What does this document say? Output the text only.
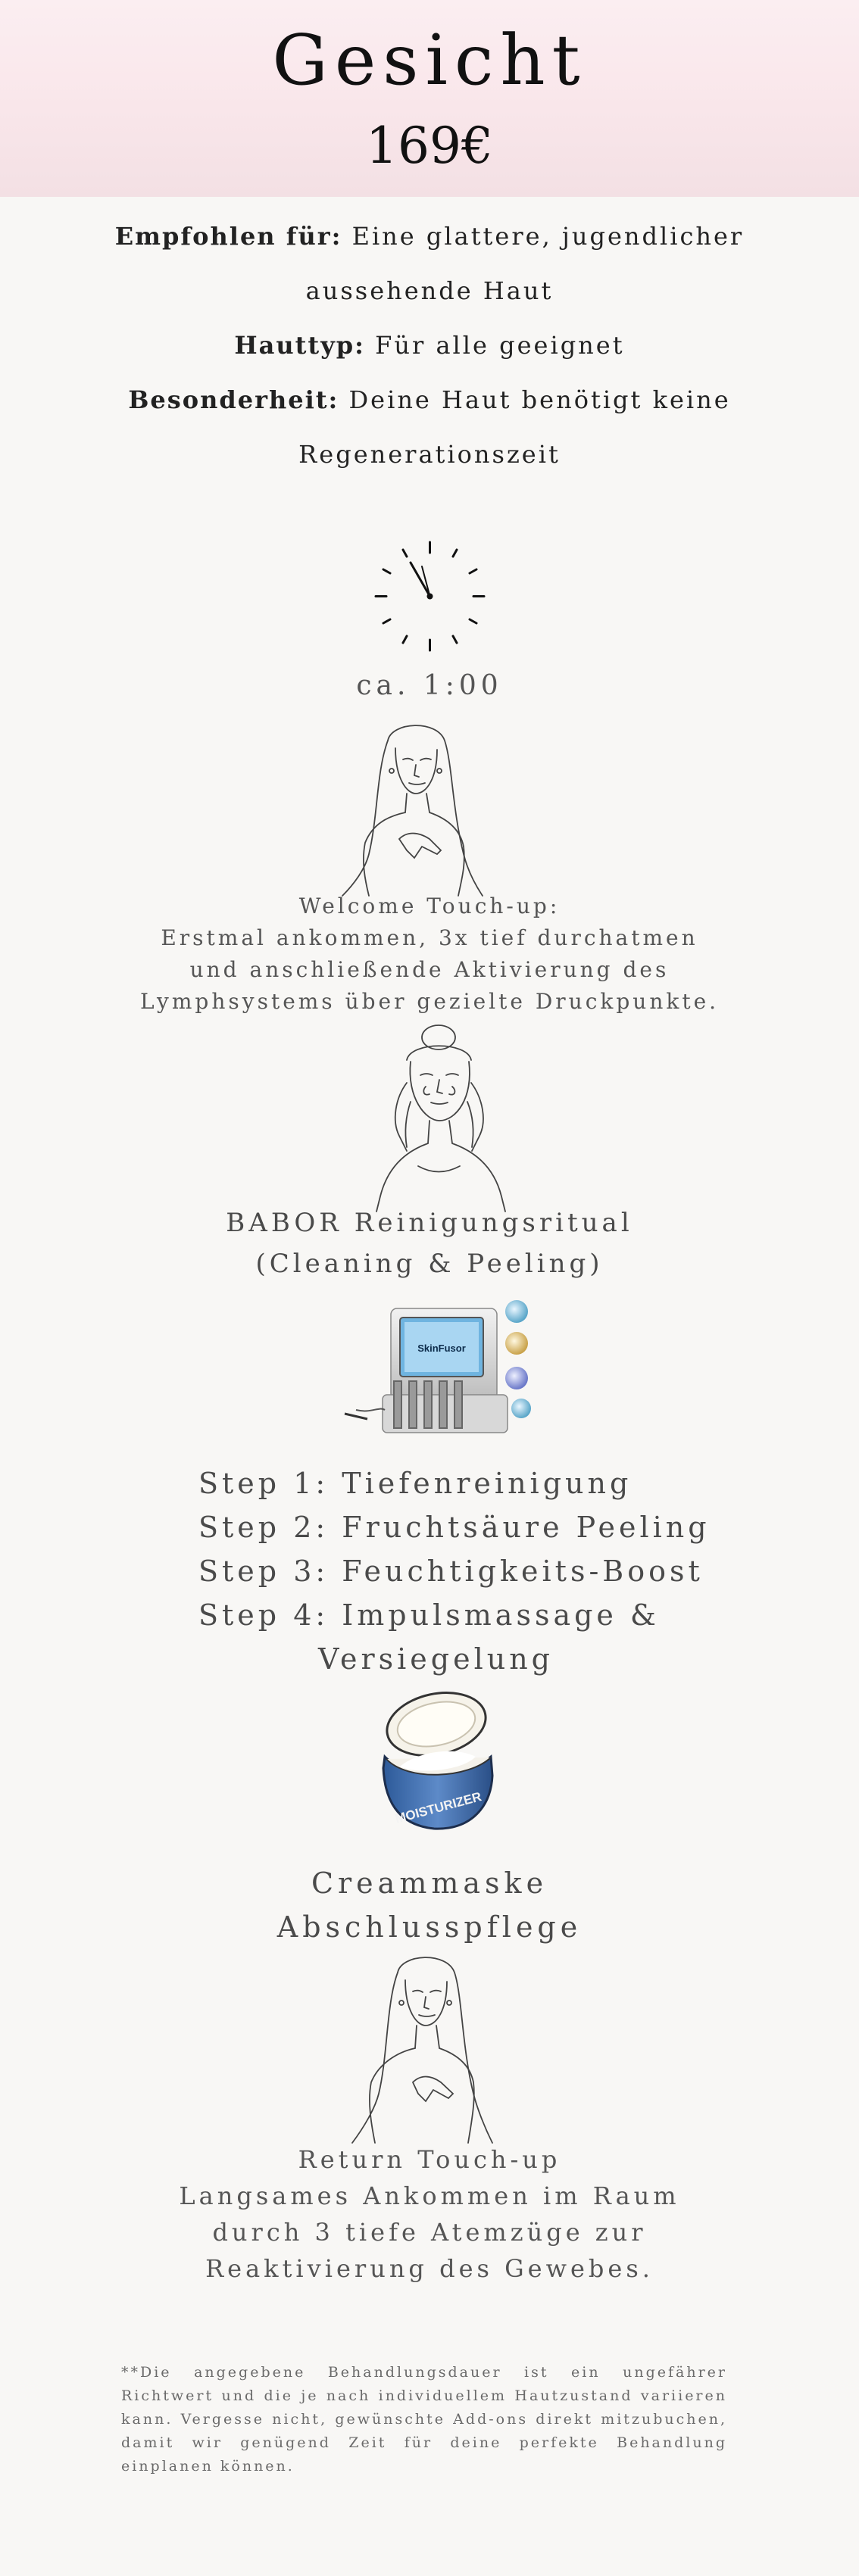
Gesicht
169€
Empfohlen für: Eine glattere, jugendlicher
aussehende Haut
Hauttyp: Für alle geeignet
Besonderheit: Deine Haut benötigt keine
Regenerationszeit
ca. 1:00
Welcome Touch-up:
Erstmal ankommen, 3x tief durchatmen
und anschließende Aktivierung des
Lymphsystems über gezielte Druckpunkte.
BABOR Reinigungsritual
(Cleaning & Peeling)
SkinFusor
Step 1: Tiefenreinigung
Step 2: Fruchtsäure Peeling
Step 3: Feuchtigkeits-Boost
Step 4: Impulsmassage &
Versiegelung
MOISTURIZER
Creammaske
Abschlusspflege
Return Touch-up
Langsames Ankommen im Raum
durch 3 tiefe Atemzüge zur
Reaktivierung des Gewebes.
**Die angegebene Behandlungsdauer ist ein ungefährer Richtwert und die je nach individuellem Hautzustand variieren kann. Vergesse nicht, gewünschte Add-ons direkt mitzubuchen, damit wir genügend Zeit für deine perfekte Behandlung einplanen können.
